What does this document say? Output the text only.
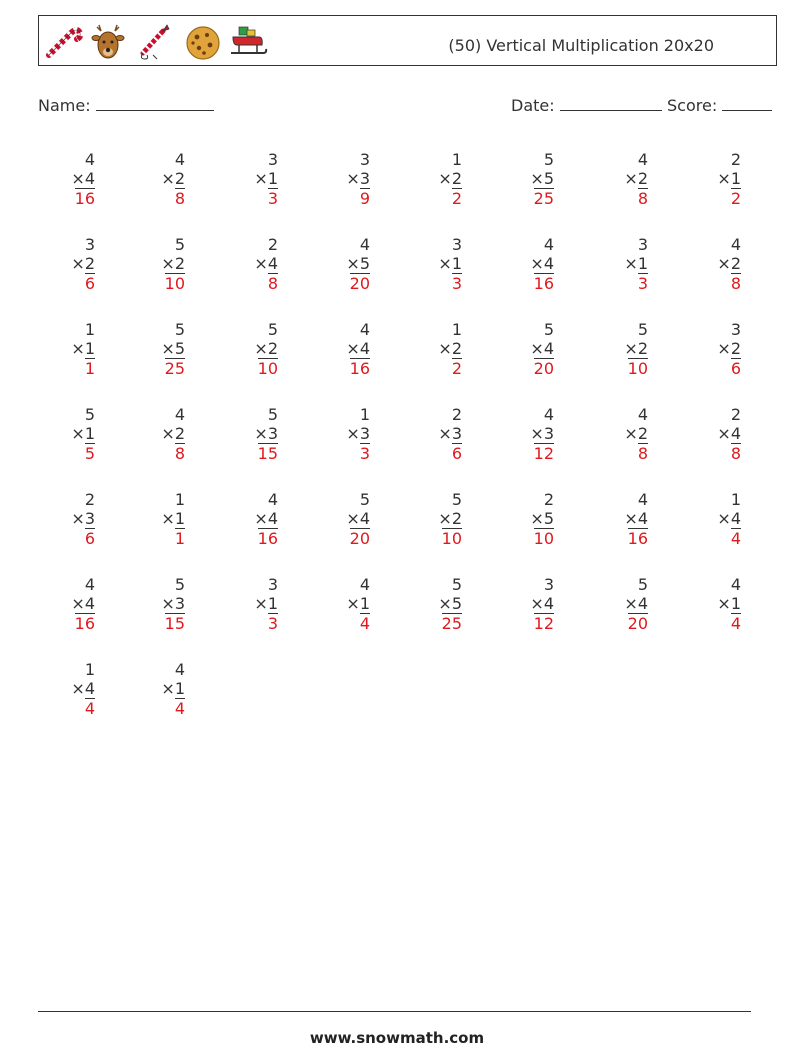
(50) Vertical Multiplication 20x20
Name:	Date:	Score:
4
×4
16
4
×2
8
3
×1
3
3
×3
9
1
×2
2
5
×5
25
4
×2
8
2
×1
2
3
×2
6
5
×2
10
2
×4
8
4
×5
20
3
×1
3
4
×4
16
3
×1
3
4
×2
8
1
×1
1
5
×5
25
5
×2
10
4
×4
16
1
×2
2
5
×4
20
5
×2
10
3
×2
6
5
×1
5
4
×2
8
5
×3
15
1
×3
3
2
×3
6
4
×3
12
4
×2
8
2
×4
8
2
×3
6
1
×1
1
4
×4
16
5
×4
20
5
×2
10
2
×5
10
4
×4
16
1
×4
4
4
×4
16
5
×3
15
3
×1
3
4
×1
4
5
×5
25
3
×4
12
5
×4
20
4
×1
4
1
×4
4
4
×1
4
www.snowmath.com
